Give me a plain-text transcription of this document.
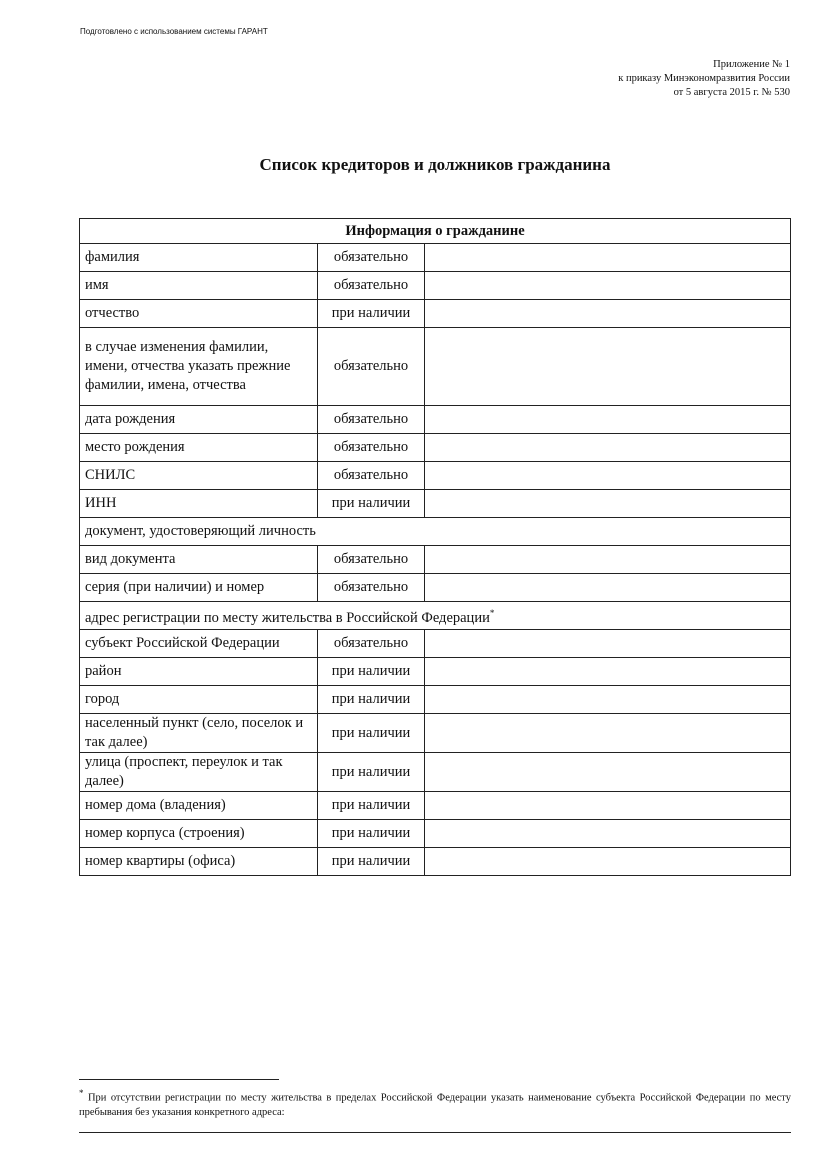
Подготовлено с использованием системы ГАРАНТ
Приложение № 1
к приказу Минэкономразвития России
от 5 августа 2015 г. № 530
Список кредиторов и должников гражданина
Информация о гражданине		
фамилия	обязательно	
имя	обязательно	
отчество	при наличии	
в случае изменения фамилии, имени, отчества указать прежние фамилии, имена, отчества	обязательно	
дата рождения	обязательно	
место рождения	обязательно	
СНИЛС	обязательно	
ИНН	при наличии	
документ, удостоверяющий личность		
вид документа	обязательно	
серия (при наличии) и номер	обязательно	
адрес регистрации по месту жительства в Российской Федерации*
субъект Российской Федерации	обязательно	
район	при наличии	
город	при наличии	
населенный пункт (село, поселок и так далее)	при наличии	
улица (проспект, переулок и так далее)	при наличии	
номер дома (владения)	при наличии	
номер корпуса (строения)	при наличии	
номер квартиры (офиса)	при наличии	
* При отсутствии регистрации по месту жительства в пределах Российской Федерации указать наименование субъекта Российской Федерации по месту пребывания без указания конкретного адреса:
